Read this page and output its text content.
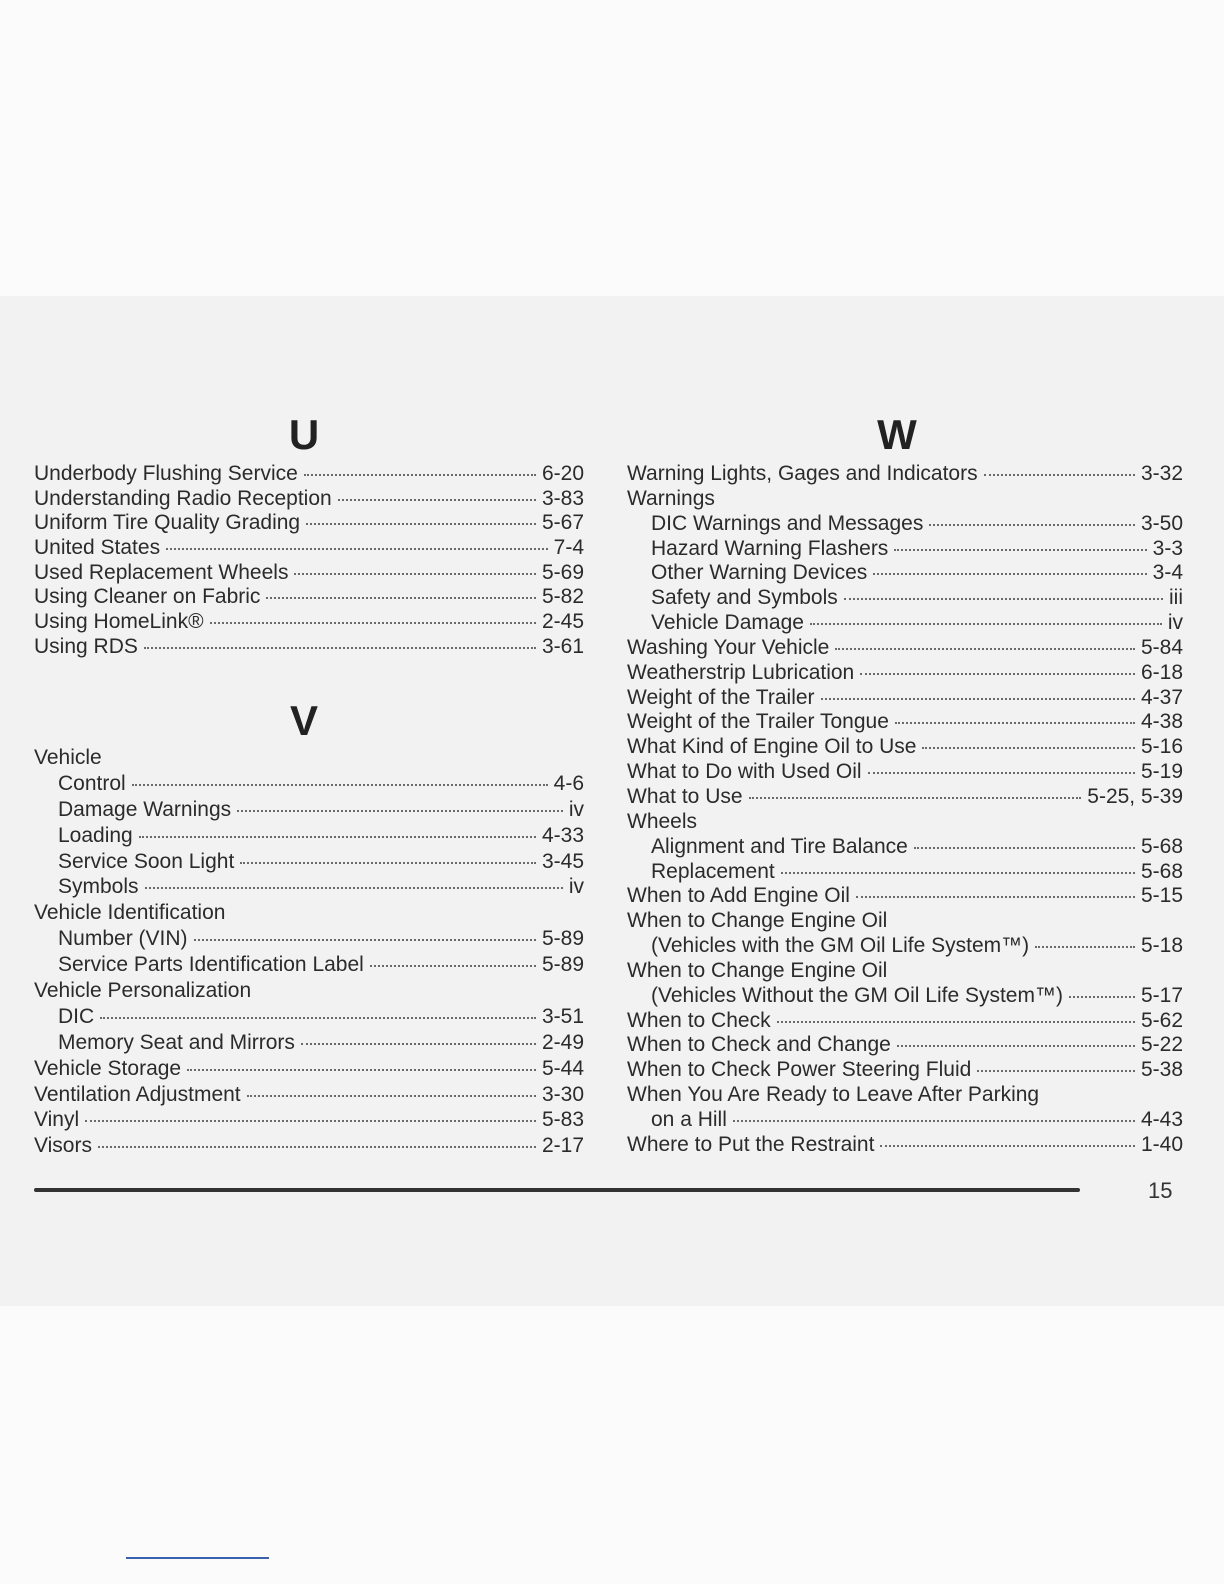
U
Underbody Flushing Service	6-20
Understanding Radio Reception	3-83
Uniform Tire Quality Grading	5-67
United States	7-4
Used Replacement Wheels	5-69
Using Cleaner on Fabric	5-82
Using HomeLink®	2-45
Using RDS	3-61
V
Vehicle
Control	4-6
Damage Warnings	iv
Loading	4-33
Service Soon Light	3-45
Symbols	iv
Vehicle Identification
Number (VIN)	5-89
Service Parts Identification Label	5-89
Vehicle Personalization
DIC	3-51
Memory Seat and Mirrors	2-49
Vehicle Storage	5-44
Ventilation Adjustment	3-30
Vinyl	5-83
Visors	2-17
W
Warning Lights, Gages and Indicators	3-32
Warnings
DIC Warnings and Messages	3-50
Hazard Warning Flashers	3-3
Other Warning Devices	3-4
Safety and Symbols	iii
Vehicle Damage	iv
Washing Your Vehicle	5-84
Weatherstrip Lubrication	6-18
Weight of the Trailer	4-37
Weight of the Trailer Tongue	4-38
What Kind of Engine Oil to Use	5-16
What to Do with Used Oil	5-19
What to Use	5-25, 5-39
Wheels
Alignment and Tire Balance	5-68
Replacement	5-68
When to Add Engine Oil	5-15
When to Change Engine Oil
(Vehicles with the GM Oil Life System™)	5-18
When to Change Engine Oil
(Vehicles Without the GM Oil Life System™)	5-17
When to Check	5-62
When to Check and Change	5-22
When to Check Power Steering Fluid	5-38
When You Are Ready to Leave After Parking
on a Hill	4-43
Where to Put the Restraint	1-40
15
